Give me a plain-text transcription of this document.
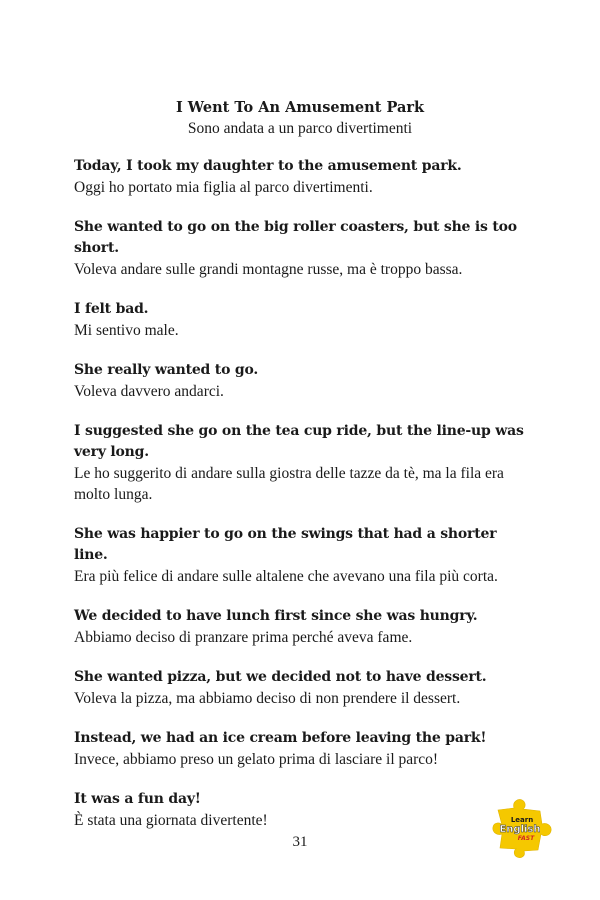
I Went To An Amusement Park
Sono andata a un parco divertimenti
Today, I took my daughter to the amusement park.
Oggi ho portato mia figlia al parco divertimenti.
She wanted to go on the big roller coasters, but she is too short.
Voleva andare sulle grandi montagne russe, ma è troppo bassa.
I felt bad.
Mi sentivo male.
She really wanted to go.
Voleva davvero andarci.
I suggested she go on the tea cup ride, but the line-up was very long.
Le ho suggerito di andare sulla giostra delle tazze da tè, ma la fila era molto lunga.
She was happier to go on the swings that had a shorter line.
Era più felice di andare sulle altalene che avevano una fila più corta.
We decided to have lunch first since she was hungry.
Abbiamo deciso di pranzare prima perché aveva fame.
She wanted pizza, but we decided not to have dessert.
Voleva la pizza, ma abbiamo deciso di non prendere il dessert.
Instead, we had an ice cream before leaving the park!
Invece, abbiamo preso un gelato prima di lasciare il parco!
It was a fun day!
È stata una giornata divertente!
31
Learn
English
FAST
